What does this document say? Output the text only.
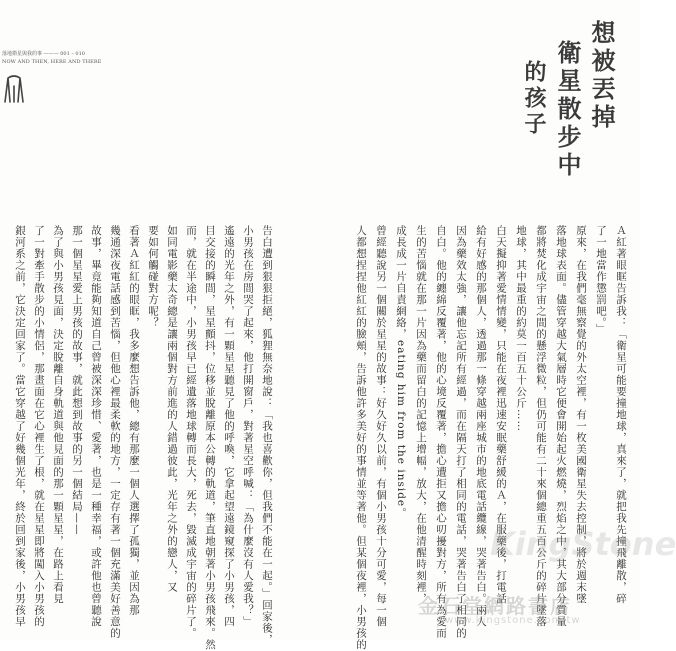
落地衛星與我的事 ——— 001 – 010
NOW AND THEN, HERE AND THERE	想被丟掉
衛星散步中
的孩子
Ａ紅著眼眶告訴我：「衛星可能要撞地球，真來了，就把我先撞飛離散，碎
了一地當作懲罰吧。」
原來，在我們毫無察覺的外太空裡，有一枚美國衛星失去控制，將於週末墜
落地球表面。儘管穿越大氣層時它便會開始起火燃燒，烈焰之中，其大部分質量
都將焚化成宇宙之間的懸浮微粒，但仍可能有二十來個總重五百公斤的碎片墜落
地球，其中最重的約莫一百五十公斤……
白天擬抑著愛情情變，只能在夜裡迅速安眠藥舒緩的Ａ，在服藥後，打電話
給有好感的那個人，透過那一條穿越兩座城市的地底電話纜線，哭著告白。兩人
因為藥效太強，讓他忘記所有經過，而在隔天打了相同的電話，哭著告白了相同的
自白。他的纏綿反覆著，他的心境反覆著，擔心遭拒又擔心叨擾對方，所有為愛而
生的苦惱就在那一片因為藥而留白的記憶上增幅，放大，在他清醒時刻裡，
成長成一片自責網絡，eating him from the inside。
曾經聽說另一個關於星星的故事：好久好久以前，有個小男孩十分可愛，每一個
人都想捏捏他紅紅的臉頰，告訴他許多美好的事情並等著他。但某個夜裡，小男孩的
告白遭到狠狠拒絕，狐狸無奈地說：「我也喜歡你，但我們不能在一起。」回家後，
小男孩在房間哭了起來，他打開窗戶，對著星空呼喊：「為什麼沒有人愛我？」
遙遠的光年之外，有一顆星星聽見了他的呼喚，它拿起望遠鏡窺探了小男孩，四
目交接的瞬間，星星顫抖，位移並脫離原本公轉的軌道，筆直地朝著小男孩飛來。然
而，就在半途中，小男孩早已經遺落地球轉而長大，死去，毀滅成宇宙的碎片了。
如同電影藥太奇總是讓兩個對方前進的人錯過彼此，光年之外的戀人，又
要如何觸碰對方呢？
看著Ａ紅紅的眼眶，我多麼想告訴他，總有那麼一個人選擇了孤獨，並因為那
幾通深夜電話感到苦惱，但他心裡最柔軟的地方，一定存有著一個充滿美好善意的
故事，畢竟能夠知道自己曾被深深珍惜、愛著，也是一種幸福，或許他也曾聽說
那一個星星愛上男孩的故事，就此想到故事的另一個結局——
為了與小男孩見面，決定脫離自身軌道與他見面的那一顆星星，在路上看見
了一對牽手散步的小情侶，那畫面在它心裡生了根，就在星星即將闖入小男孩的
銀河系之前，它決定回家了。當它穿越了好幾個光年，終於回到家後，小男孩早	KingStone
金石堂網路書店
www.kingstone.com.tw
